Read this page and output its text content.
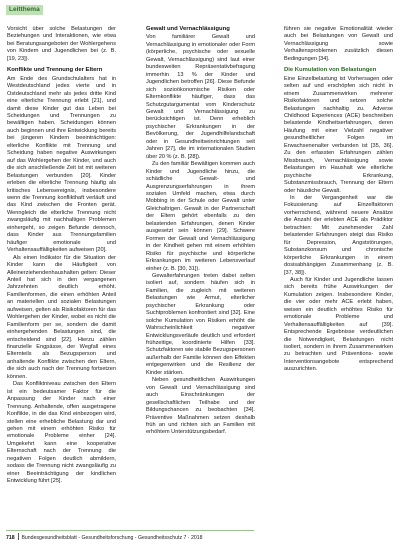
Leitthema

Vorsicht über solche Belastungen der Beziehungen und Interaktionen, wie etwa bei Beratungsangeboten der Wohlergehens von Kindern und Jugendlichen bei (z. B. [19, 23]).

Konflikte und Trennung der Eltern

Am Ende des Grundschulalters hat in Westdeutschland jedes vierte und in Ostdeutschland mehr als jedes dritte Kind eine elterliche Trennung erlebt [21], und damit diese Kinder gut das Leben bei Scheidungen und Trennungen zu bewältigen haben. Scheidungen können auch beginnen und ihre Entwicklung bereits bei jüngeren Kindern beeinträchtigen: elterliche Konflikte mit Trennung und Scheidung haben negative Auswirkungen auf das Wohlergehen der Kinder, und auch die sich anschließende Zeit ist mit weiteren Belastungen verbunden [20]. Kinder erleben die elterliche Trennung häufig als kritisches Lebensereignis, insbesondere wenn die Trennung konflikthaft verläuft und das Kind zwischen die Fronten gerät. Wenngleich die elterliche Trennung nicht zwangsläufig mit nachhaltigen Problemen einhergeht, so zeigen Befunde dennoch, dass Kinder aus Trennungsfamilien häufiger emotionale und Verhaltensauffälligkeiten aufweisen [20].

Als einen Indikator für die Situation der Kinder kann die Häufigkeit von Alleinerziehendenhaushalten gelten: Dieser Anteil hat sich in den vergangenen Jahrzehnten deutlich erhöht. Familienformen, die einen erhöhten Anteil an materiellen und sozialen Belastungen aufweisen, gelten als Risikofaktoren für das Wohlergehen der Kinder, wobei es nicht die Familienform per se, sondern die damit einhergehenden Belastungen sind, die entscheidend sind [22]. Hierzu zählen finanzielle Engpässe, der Wegfall eines Elternteils als Bezugsperson und anhaltende Konflikte zwischen den Eltern, die sich auch nach der Trennung fortsetzen können.

Das Konfliktniveau zwischen den Eltern ist ein bedeutsamer Faktor für die Anpassung der Kinder nach einer Trennung. Anhaltende, offen ausgetragene Konflikte, in die das Kind einbezogen wird, stellen eine erhebliche Belastung dar und gehen mit einem erhöhten Risiko für emotionale Probleme einher [24]. Umgekehrt kann eine kooperative Elternschaft nach der Trennung die negativen Folgen deutlich abmildern, sodass die Trennung nicht zwangsläufig zu einer Beeinträchtigung der kindlichen Entwicklung führt [25].

Gewalt und Vernachlässigung

Von familiärer Gewalt und Vernachlässigung in emotionaler oder Form (körperliche, psychische oder sexuelle Gewalt, Vernachlässigung) sind laut einer bundesweiten Repräsentativbefragung immerhin 13 % der Kinder und Jugendlichen betroffen [26]. Diese Befunde sich sozioökonomische Risiken oder Elternkonflikte häufiger, dass das Schutzgutargumentat vom Kinderschutz Gewalt und Vernachlässigung zu berücksichtigen ist. Denn erheblich psychischer Erkrankungen in der Bevölkerung, der Jugendhilfelandschaft oder in Gesundheitseinrichtungen seit Jahren [27], die im internationalen Studien über 20 % (z. B. [28]).

Zu den familiär Bewältigen kommen auch Kinder und Jugendliche hinzu, die schädliche Gewalt- und Ausgrenzungserfahrungen in ihrem sozialen Umfeld machen, etwa durch Mobbing in der Schule oder Gewalt unter Gleichaltrigen. Gewalt in der Partnerschaft der Eltern gehört ebenfalls zu den belastenden Erfahrungen, denen Kinder ausgesetzt sein können [29]. Schwere Formen der Gewalt und Vernachlässigung in der Kindheit gehen mit einem erhöhten Risiko für psychische und körperliche Erkrankungen im weiteren Lebensverlauf einher (z. B. [30, 31]).

Gewalterfahrungen treten dabei selten isoliert auf, sondern häufen sich in Familien, die zugleich mit weiteren Belastungen wie Armut, elterlicher psychischer Erkrankung oder Suchtproblemen konfrontiert sind [32]. Eine solche Kumulation von Risiken erhöht die Wahrscheinlichkeit negativer Entwicklungsverläufe deutlich und erfordert frühzeitige, koordinierte Hilfen [33]. Schutzfaktoren wie stabile Bezugspersonen außerhalb der Familie können den Effekten entgegenwirken und die Resilienz der Kinder stärken.

Neben gesundheitlichen Auswirkungen von Gewalt und Vernachlässigung sind auch Einschränkungen der gesellschaftlichen Teilhabe und der Bildungschancen zu beobachten [34]. Präventive Maßnahmen setzen deshalb früh an und richten sich an Familien mit erhöhtem Unterstützungsbedarf.

führen sie negative Emotionalität wieder auch bei Belastungen von Gewalt und Vernachlässigung sowie Verhaltensproblemen zusätzlich diesen Bedingungen [34].

Die Kumulation von Belastungen

Eine Einzelbelastung ist Vorhersagen oder selten auf und erschöpfen sich nicht in einem Zusammenwirken mehrerer Risikofaktoren und setzen solche Belastungen nachhaltig zu. Adverse Childhood Experiences (ACE) beschreiben belastende Kindheitserfahrungen, deren Häufung mit einer Vielzahl negativer gesundheitlicher Folgen im Erwachsenenalter verbunden ist [35, 36]. Zu den erfassten Erfahrungen zählen Missbrauch, Vernachlässigung sowie Belastungen im Haushalt wie elterliche psychische Erkrankung, Substanzmissbrauch, Trennung der Eltern oder häusliche Gewalt.

In der Vergangenheit war die Fokussierung auf Einzelfaktoren vorherrschend, während neuere Ansätze die Anzahl der erlebten ACE als Prädiktor betrachten: Mit zunehmender Zahl belastender Erfahrungen steigt das Risiko für Depression, Angststörungen, Substanzkonsum und chronische körperliche Erkrankungen in einem dosisabhängigen Zusammenhang (z. B. [37, 38]).

Auch für Kinder und Jugendliche lassen sich bereits frühe Auswirkungen der Kumulation zeigen. Insbesondere Kinder, die vier oder mehr ACE erlebt haben, weisen ein deutlich erhöhtes Risiko für emotionale Probleme und Verhaltensauffälligkeiten auf [39]. Entsprechende Ergebnisse verdeutlichen die Notwendigkeit, Belastungen nicht isoliert, sondern in ihrem Zusammenwirken zu betrachten und Präventions- sowie Interventionsangebote entsprechend auszurichten.

718 Bundesgesundheitsblatt - Gesundheitsforschung - Gesundheitsschutz 7 · 2018
